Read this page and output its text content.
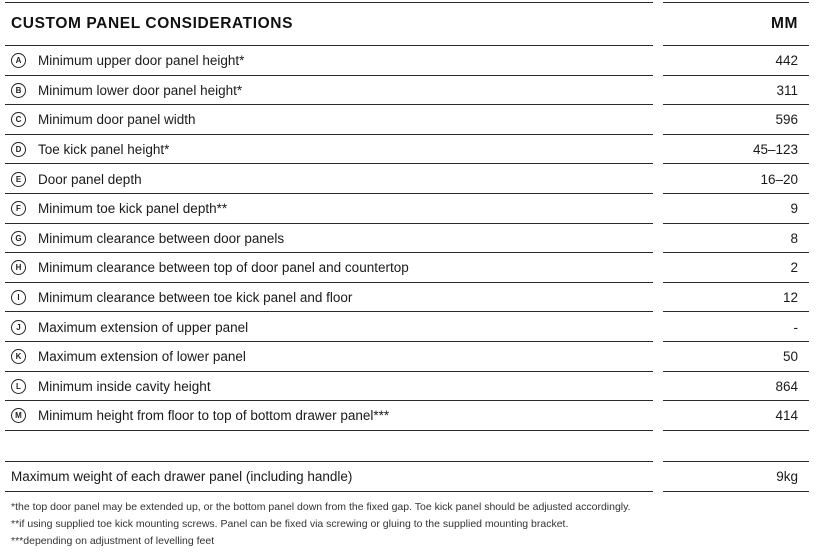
CUSTOM PANEL CONSIDERATIONS	MM
A	Minimum upper door panel height*	442
B	Minimum lower door panel height*	311
C	Minimum door panel width	596
D	Toe kick panel height*	45–123
E	Door panel depth	16–20
F	Minimum toe kick panel depth**	9
G	Minimum clearance between door panels	8
H	Minimum clearance between top of door panel and countertop	2
I	Minimum clearance between toe kick panel and floor	12
J	Maximum extension of upper panel	-
K	Maximum extension of lower panel	50
L	Minimum inside cavity height	864
M	Minimum height from floor to top of bottom drawer panel***	414
Maximum weight of each drawer panel (including handle)	9kg
*the top door panel may be extended up, or the bottom panel down from the fixed gap. Toe kick panel should be adjusted accordingly.
**if using supplied toe kick mounting screws. Panel can be fixed via screwing or gluing to the supplied mounting bracket.
***depending on adjustment of levelling feet
